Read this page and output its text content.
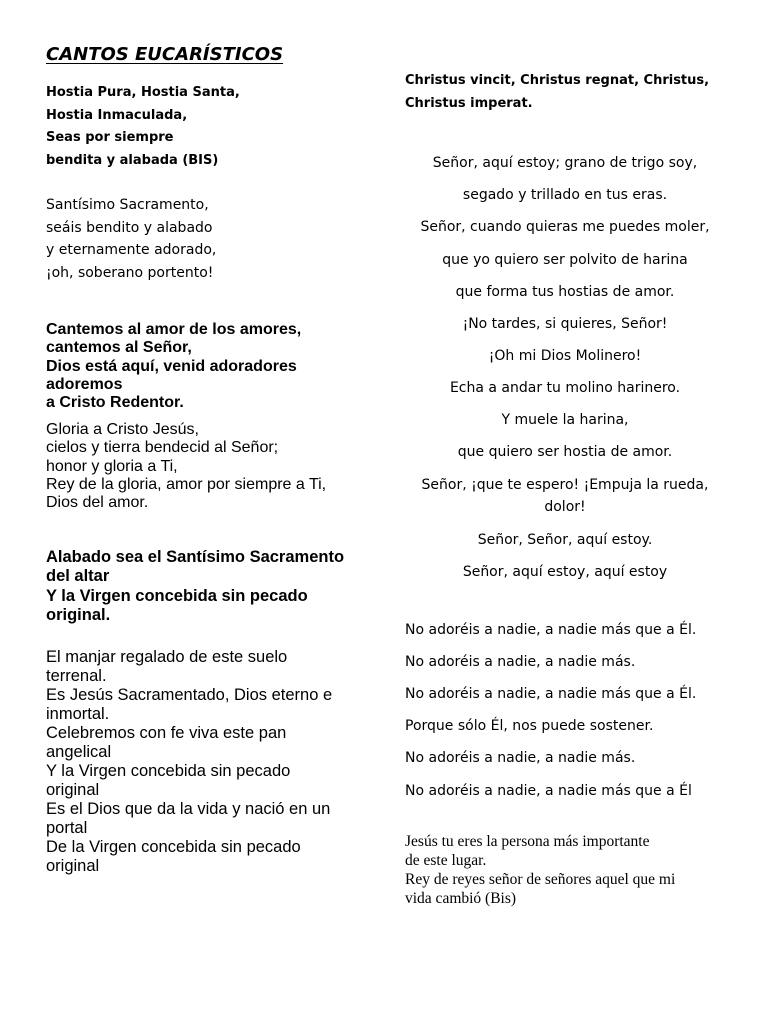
CANTOS EUCARÍSTICOS
Hostia Pura, Hostia Santa,
Hostia Inmaculada,
Seas por siempre
bendita y alabada (BIS)
Santísimo Sacramento,
seáis bendito y alabado
y eternamente adorado,
¡oh, soberano portento!
Cantemos al amor de los amores,
cantemos al Señor,
Dios está aquí, venid adoradores
adoremos
a Cristo Redentor.
Gloria a Cristo Jesús,
cielos y tierra bendecid al Señor;
honor y gloria a Ti,
Rey de la gloria, amor por siempre a Ti,
Dios del amor.
Alabado sea el Santísimo Sacramento
del altar
Y la Virgen concebida sin pecado
original.
El manjar regalado de este suelo
terrenal.
Es Jesús Sacramentado, Dios eterno e
inmortal.
Celebremos con fe viva este pan
angelical
Y la Virgen concebida sin pecado
original
Es el Dios que da la vida y nació en un
portal
De la Virgen concebida sin pecado
original
Christus vincit, Christus regnat, Christus,
Christus imperat.
Señor, aquí estoy; grano de trigo soy,
segado y trillado en tus eras.
Señor, cuando quieras me puedes moler,
que yo quiero ser polvito de harina
que forma tus hostias de amor.
¡No tardes, si quieres, Señor!
¡Oh mi Dios Molinero!
Echa a andar tu molino harinero.
Y muele la harina,
que quiero ser hostia de amor.
Señor, ¡que te espero! ¡Empuja la rueda,
dolor!
Señor, Señor, aquí estoy.
Señor, aquí estoy, aquí estoy
No adoréis a nadie, a nadie más que a Él.
No adoréis a nadie, a nadie más.
No adoréis a nadie, a nadie más que a Él.
Porque sólo Él, nos puede sostener.
No adoréis a nadie, a nadie más.
No adoréis a nadie, a nadie más que a Él
Jesús tu eres la persona más importante
de este lugar.
Rey de reyes señor de señores aquel que mi
vida cambió (Bis)
